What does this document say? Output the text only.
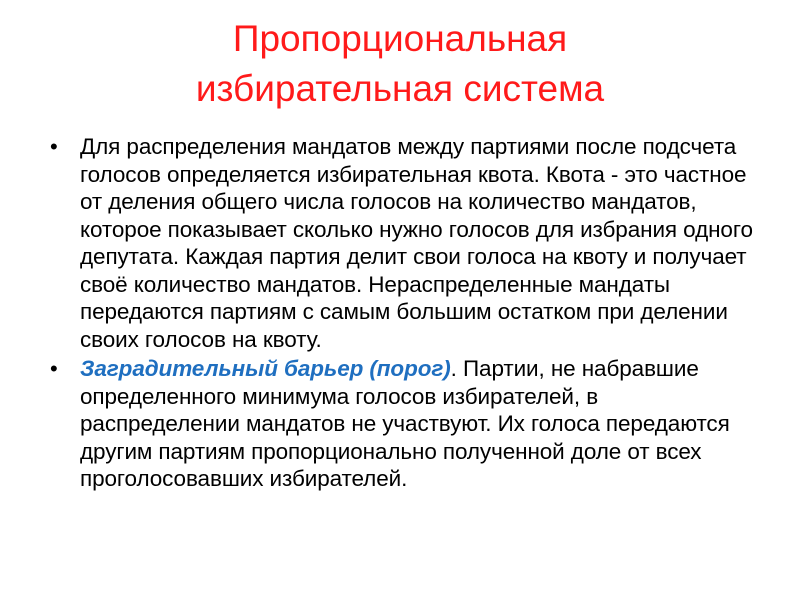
Пропорциональная
избирательная система

• Для распределения мандатов между партиями после подсчета голосов определяется избирательная квота. Квота - это частное от деления общего числа голосов на количество мандатов, которое показывает сколько нужно голосов для избрания одного депутата. Каждая партия делит свои голоса на квоту и получает своё количество мандатов. Нераспределенные мандаты передаются партиям с самым большим остатком при делении своих голосов на квоту.

• Заградительный барьер (порог). Партии, не набравшие определенного минимума голосов избирателей, в распределении мандатов не участвуют. Их голоса передаются другим партиям пропорционально полученной доле от всех проголосовавших избирателей.
